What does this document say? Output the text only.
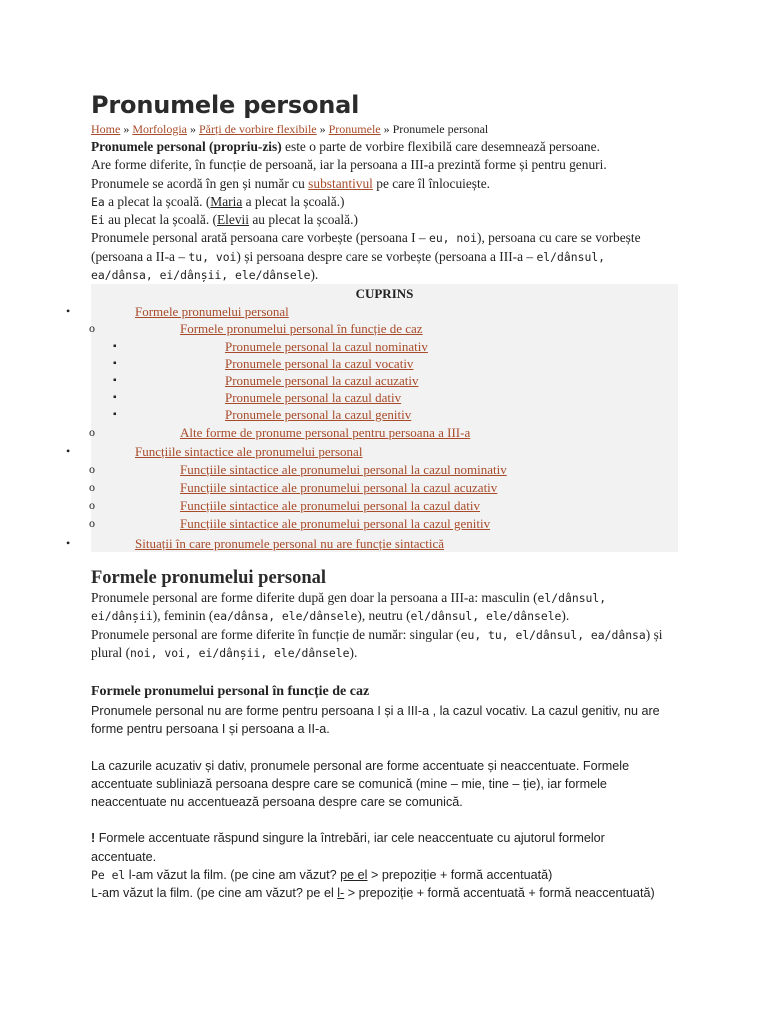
Pronumele personal
Home » Morfologia » Părți de vorbire flexibile » Pronumele » Pronumele personal

Pronumele personal (propriu-zis) este o parte de vorbire flexibilă care desemnează persoane.

Are forme diferite, în funcție de persoană, iar la persoana a III-a prezintă forme și pentru genuri.

Pronumele se acordă în gen și număr cu substantivul pe care îl înlocuiește.

Ea a plecat la școală. (Maria a plecat la școală.)

Ei au plecat la școală. (Elevii au plecat la școală.)

Pronumele personal arată persoana care vorbește (persoana I – eu, noi), persoana cu care se vorbește (persoana a II-a – tu, voi) și persoana despre care se vorbește (persoana a III-a – el/dânsul, ea/dânsa, ei/dânșii, ele/dânsele).

CUPRINS
•	Formele pronumelui personal
o	Formele pronumelui personal în funcție de caz
▪	Pronumele personal la cazul nominativ
▪	Pronumele personal la cazul vocativ
▪	Pronumele personal la cazul acuzativ
▪	Pronumele personal la cazul dativ
▪	Pronumele personal la cazul genitiv
o	Alte forme de pronume personal pentru persoana a III-a
•	Funcțiile sintactice ale pronumelui personal
o	Funcțiile sintactice ale pronumelui personal la cazul nominativ
o	Funcțiile sintactice ale pronumelui personal la cazul acuzativ
o	Funcțiile sintactice ale pronumelui personal la cazul dativ
o	Funcțiile sintactice ale pronumelui personal la cazul genitiv
•	Situații în care pronumele personal nu are funcție sintactică
Formele pronumelui personal

Pronumele personal are forme diferite după gen doar la persoana a III-a: masculin (el/dânsul, ei/dânșii), feminin (ea/dânsa, ele/dânsele), neutru (el/dânsul, ele/dânsele).

Pronumele personal are forme diferite în funcție de număr: singular (eu, tu, el/dânsul, ea/dânsa) și plural (noi, voi, ei/dânșii, ele/dânsele).

Formele pronumelui personal în funcție de caz

Pronumele personal nu are forme pentru persoana I și a III-a , la cazul vocativ. La cazul genitiv, nu are forme pentru persoana I și persoana a II-a.

La cazurile acuzativ și dativ, pronumele personal are forme accentuate și neaccentuate. Formele accentuate subliniază persoana despre care se comunică (mine – mie, tine – ție), iar formele neaccentuate nu accentuează persoana despre care se comunică.

! Formele accentuate răspund singure la întrebări, iar cele neaccentuate cu ajutorul formelor accentuate.

Pe el l-am văzut la film. (pe cine am văzut? pe el > prepoziție + formă accentuată)

L-am văzut la film. (pe cine am văzut? pe el l- > prepoziție + formă accentuată + formă neaccentuată)
